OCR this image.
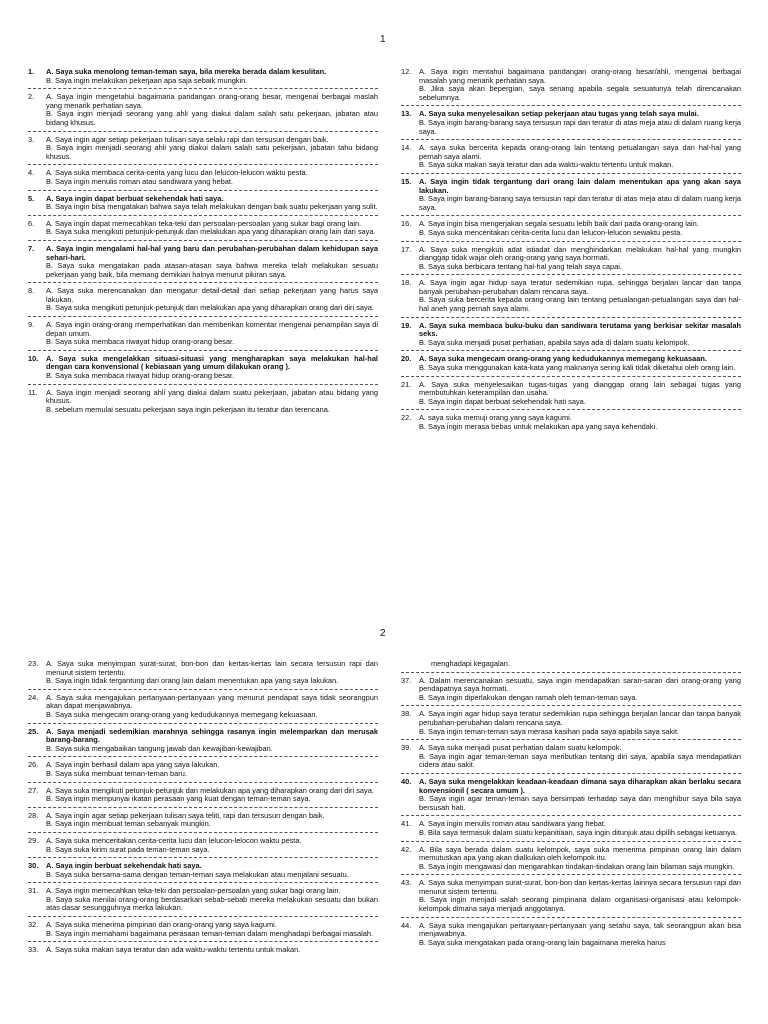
1
2
1.	A. Saya suka menolong teman-teman saya, bila mereka berada dalam kesulitan.
B. Saya ingin melakukan pekerjaan apa saja sebaik mungkin.
2.	A. Saya ingin mengetahui bagaimana pandangan orang-orang besar, mengenai berbagai maslah yang menarik perhatian saya.
B. Saya ingin menjadi seorang yang ahli yang diakui dalam salah satu pekerjaan, jabatan atau bidang khusus.
3.	A. Saya ingin agar setiap pekerjaan tulisan saya selalu rapi dan tersusun dengan baik.
B. Saya ingin menjadi seorang ahli yang diakui dalam salah satu pekerjaan, jabatan tahu bidang khusus.
4.	A. Saya suka membaca cerita-cerita yang lucu dan lelucon-lelucon waktu pesta.
B. Saya ingin menulis roman atau sandiwara yang hebat.
5.	A. Saya ingin dapat berbuat sekehendak hati saya.
B. Saya ingin bisa mengatakan bahwa saya telah melakukan dengan baik suatu pekerjaan yang sulit.
6.	A. Saya ingin dapat memecahkan teka-teki dan persoalan-persoalan yang sukar bagi orang lain.
B. Saya suka mengikuti petunjuk-petunjuk dan melakukan apa yang diharapkan orang lain dari saya.
7.	A. Saya ingin mengalami hal-hal yang baru dan perubahan-perubahan dalam kehidupan saya sehari-hari.
B. Saya suka mengatakan pada atasan-atasan saya bahwa mereka telah melakukan sesuatu pekerjaan yang baik, bila memang demikian halnya menurut pikiran saya.
8.	A. Saya suka merencanakan dan mengatur detail-detail dari setiap pekerjaan yang harus saya lakukan.
B. Saya suka mengikuti petunjuk-petunjuk dan melakukan apa yang diharapkan orang dari diri saya.
9.	A. Saya ingin orang-orang memperhatikan dan memberikan komentar mengenai penampilan saya di depan umum.
B. Saya suka membaca riwayat hidup orang-orang besar.
10.	A. Saya suka mengelakkan situasi-situasi yang mengharapkan saya melakukan hal-hal dengan cara konvensional ( kebiasaan yang umum dilakukan orang ).
B. Saya suka membaca riwayat hidup orang-orang besar.
11.	A. Saya ingin menjadi seorang ahli yang diakui dalam suatu pekerjaan, jabatan atau bidang yang khusus.
B. sebelum memulai sesuatu pekerjaan saya ingin pekerjaan itu teratur dan terencana.
12.	A. Saya ingin mentahui bagaimana pandangan orang-orang besar/ahli, mengenai berbagai masalah yang menarik perhatian saya.
B. Jika saya akan bepergian, saya senang apabila segala sesuatunya telah direncanakan sebelumnya.
13.	A. Saya suka menyelesaikan setiap pekerjaan atau tugas yang telah saya mulai.
B. Saya ingin barang-barang saya tersusun rapi dan teratur di atas meja atau di dalam ruang kerja saya.
14.	A. saya suka bercerita kepada orang-orang lain tentang petualangan saya dan hal-hal yang pernah saya alami.
B. Saya suka makan saya teratur dan ada waktu-waktu tertentu untuk makan.
15.	A. Saya ingin tidak tergantung dari orang lain dalam menentukan apa yang akan saya lakukan.
B. Saya ingin barang-barang saya tersusun rapi dan teratur di atas meja atau di dalam ruang kerja saya.
16.	A. Saya ingin bisa mengerjakan segala sesuatu lebih baik dari pada orang-orang lain.
B. Saya suka menceritakan cerita-cerita lucu dan lelucon-lelucon sewaktu pesta.
17.	A. Saya suka mengikuti adat istiadat dan menghindarkan melakukan hal-hal yang mungkin dianggap tidak wajar oleh orang-orang yang saya hormati.
B. Saya suka berbicara tentang hal-hal yang telah saya capai.
18.	A. Saya ingin agar hidup saya teratur sedemikian rupa, sehingga berjalan lancar dan tanpa banyak perubahan-perubahan dalam rencana saya.
B. Saya suka bercerita kepada orang-orang lain tentang petualangan-petualangan saya dan hal-hal aneh yang pernah saya alami.
19.	A. Saya suka membaca buku-buku dan sandiwara terutama yang berkisar sekitar masalah seks.
B. Saya suka menjadi pusat perhatian, apabila saya ada di dalam suatu kelompok.
20.	A. Saya suka mengecam orang-orang yang kedudukannya memegang kekuasaan.
B. Saya suka menggunakan kata-kata yang maknanya sering kali tidak diketahui oleh orang lain.
21.	A. Saya suka menyelesaikan tugas-tugas yang dianggap orang lain sebagai tugas yang membutuhkan keterampilan dan usaha.
B. Saya ingin dapat berbuat sekehendak hati saya.
22.	A. saya suka memuji orang yang saya kagumi.
B. Saya ingin merasa bebas untuk melakukan apa yang saya kehendaki.
23.	A. Saya suka menyimpan surat-surat, bon-bon dan kertas-kertas lain secara tersusun rapi dan menurut sistem tertentu.
B. Saya ingin tidak tergantung dari orang lain dalam menentukan apa yang saya lakukan.
24.	A. Saya suka mengajukan pertanyaan-pertanyaan yang menurut pendapat saya tidak seorangpun akan dapat menjawabnya.
B. Saya suka mengecam orang-orang yang kedudukannya memegang kekuasaan.
25.	A. Saya menjadi sedemikian marahnya sehingga rasanya ingin melemparkan dan merusak barang-barang.
B. Saya suka mengabaikan tangung jawab dan kewajiban-kewajiban.
26.	A. Saya ingin berhasil dalam apa yang saya lakukan.
B. Saya suka membuat teman-teman baru.
27.	A. Saya suka mengikuti petunjuk-petunjuk dan melakukan apa yang diharapkan orang dari diri saya.
B. Saya ingin mempunyai ikatan perasaan yang kuat dengan teman-teman saya.
28.	A. Saya ingin agar setiap pekerjaan tulisan saya teliti, rapi dan tersusun dengan baik.
B. Saya ingin membuat teman sebanyak mungkin.
29.	A. Saya suka menceritakan cerita-cerita lucu dan lelucon-lelocon waktu pesta.
B. Saya suka kirim surat pada teman-teman saya.
30.	A. Saya ingin berbuat sekehendak hati saya.
B. Saya suka bersama-sama dengan teman-teman saya melakukan atau menjalani sesuatu.
31.	A. Saya ingin memecahkan teka-teki dan persoalan-persoalan yang sukar bagi orang lain.
B. Saya suka menilai orang-orang berdasarkan sebab-sebab mereka melakukan sesuatu dan bukan atas dasar sesungguhnya merka lakukan.
32.	A. Saya suka menerima pimpinan dari orang-orang yang saya kagumi.
B. Saya ingin memahami bagaimana perasaan teman-teman dalam menghadapi berbagai masalah.
33.	A. Saya suka makan saya teratur dan ada waktu-waktu tertentu untuk makan.
menghadapi kegagalan.
37.	A. Dalam merencanakan sesuatu, saya ingin mendapatkan saran-saran dari orang-orang yang pendapatnya saya hormati.
B. Saya ingin diperlakukan dengan ramah oleh teman-teman saya.
38.	A. Saya ingin agar hidup saya teratur sedemikian rupa sehingga berjalan lancar dan tanpa banyak perubahan-perubahan dalam rencana saya.
B. Saya ingin teman-teman saya merasa kasihan pada saya apabila saya sakit.
39.	A. Saya suka menjadi pusat perhatian dalam suatu kelompok.
B. Saya ingin agar teman-teman saya meributkan tentang diri saya, apabila saya mendapatkan cidera atau sakit.
40.	A. Saya suka mengelakkan keadaan-keadaan dimana saya diharapkan akan berlaku secara konvensionil ( secara umum ).
B. Saya ingin agar teman-teman saya bersimpati terhadap saya dan menghibur saya bila saya bersusah hati.
41.	A. Saya ingin menulis roman atau sandiwara yang hebat.
B. Bila saya termasuk dalam suatu kepanitiaan, saya ingin ditunjuk atau dipilih sebagai ketuanya.
42.	A. Bila saya berada dalam suatu kelompok, saya suka menerima pimpinan orang lain dalam memutuskan apa yang akan dialkukan oleh kelompok itu.
B. Saya ingin mengawasi dan mengarahkan tindakan-tindakan orang lain bilaman saja mungkin.
43.	A. Saya suka menyimpan surat-surat, bon-bon dan kertas-kertas lainnya secara tersusun rapi dan menurut sistem tertentu.
B. Saya ingin menjadi salah seorang pimpinana dalam organisasi-organisasi atau kelompok-kelompok dimana saya menjadi anggotanya.
44.	A. Saya suka mengajukan pertanyaan-pertanyaan yang setahu saya, tak seorangpun akan bisa menjawabnya.
B. Saya suka mengatakan pada orang-orang lain bagaimana mereka harus
